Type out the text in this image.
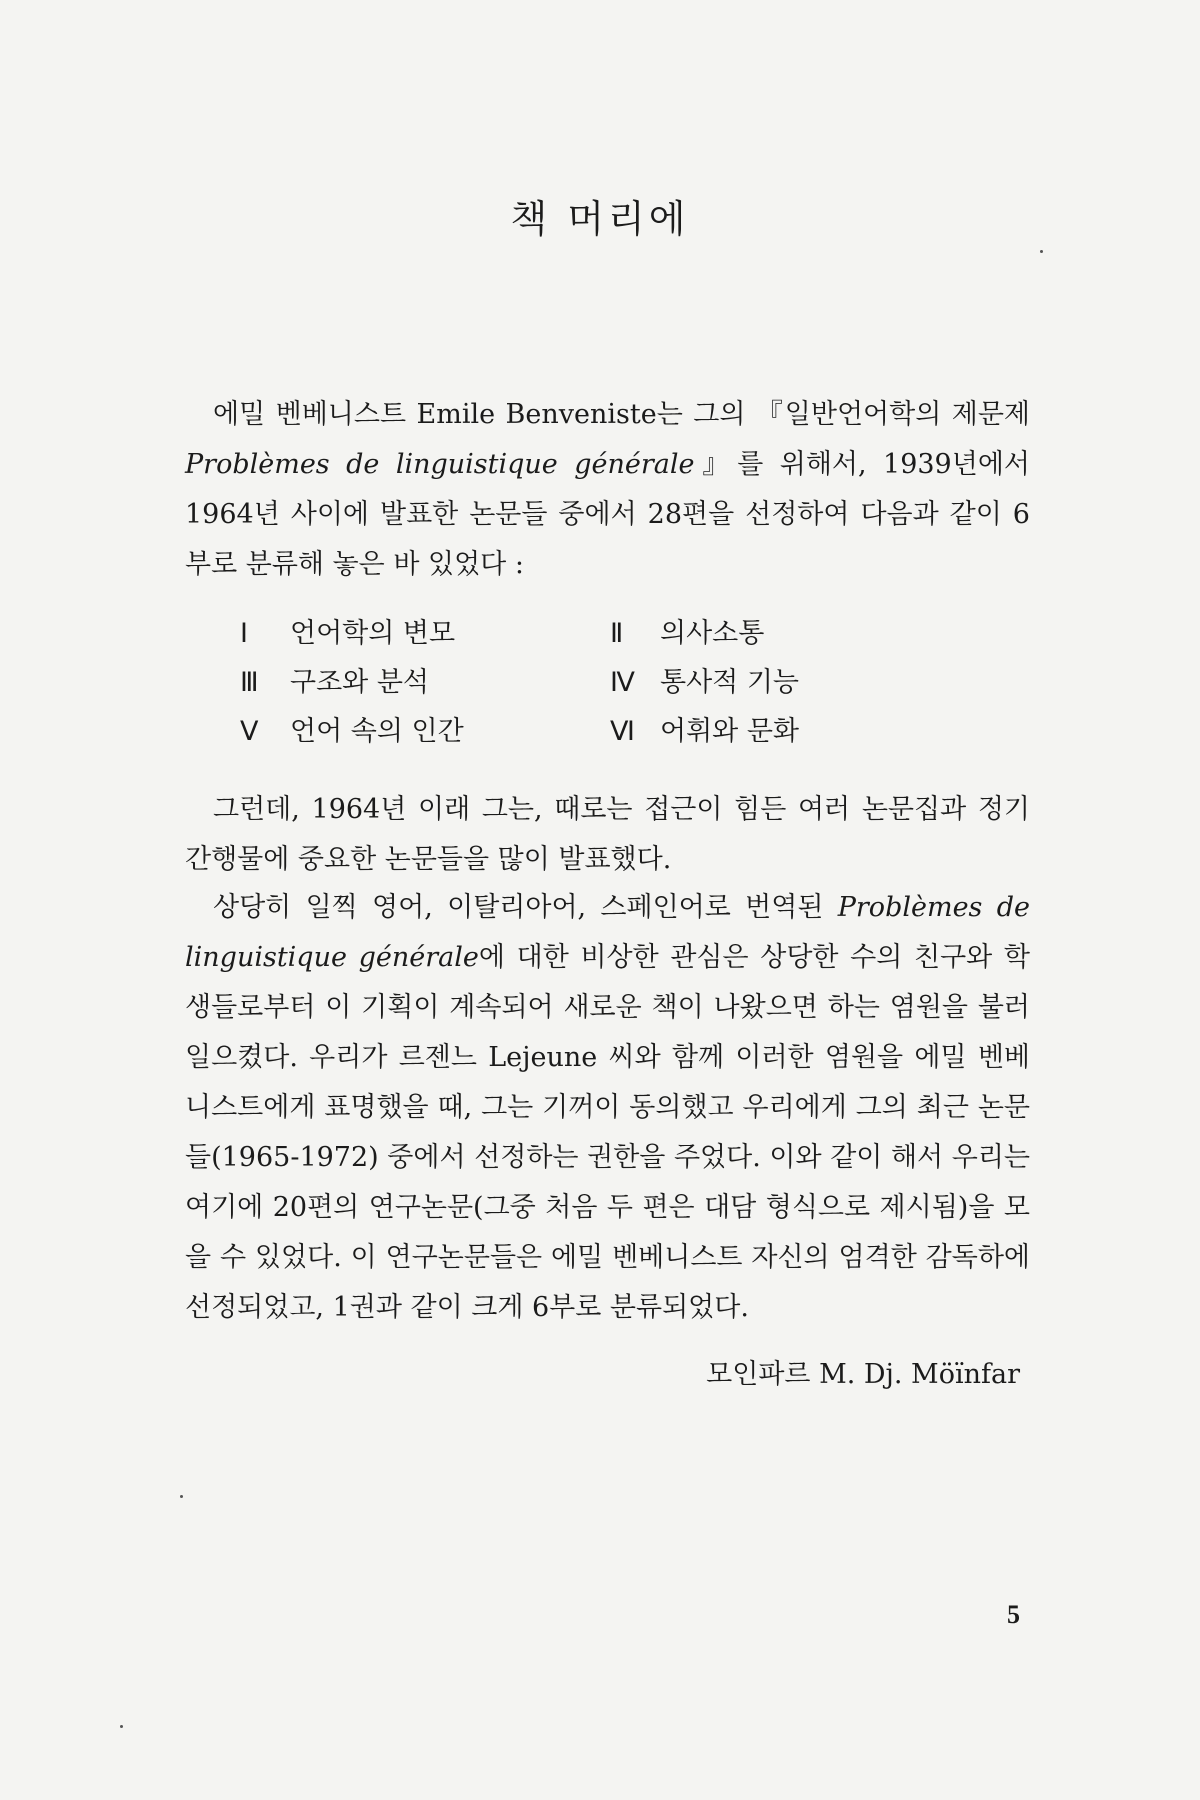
책 머리에

에밀 벤베니스트 Emile Benveniste는 그의 『일반언어학의 제문제 Problèmes de linguistique générale』를 위해서, 1939년에서 1964년 사이에 발표한 논문들 중에서 28편을 선정하여 다음과 같이 6부로 분류해 놓은 바 있었다 :

Ⅰ	언어학의 변모	Ⅱ	의사소통
Ⅲ	구조와 분석	Ⅳ 통사적 기능
Ⅴ	언어 속의 인간	Ⅵ 어휘와 문화

그런데, 1964년 이래 그는, 때로는 접근이 힘든 여러 논문집과 정기 간행물에 중요한 논문들을 많이 발표했다.

상당히 일찍 영어, 이탈리아어, 스페인어로 번역된 Problèmes de linguistique générale에 대한 비상한 관심은 상당한 수의 친구와 학생들로부터 이 기획이 계속되어 새로운 책이 나왔으면 하는 염원을 불러일으켰다. 우리가 르젠느 Lejeune 씨와 함께 이러한 염원을 에밀 벤베니스트에게 표명했을 때, 그는 기꺼이 동의했고 우리에게 그의 최근 논문들(1965-1972) 중에서 선정하는 권한을 주었다. 이와 같이 해서 우리는 여기에 20편의 연구논문(그중 처음 두 편은 대담 형식으로 제시됨)을 모을 수 있었다. 이 연구논문들은 에밀 벤베니스트 자신의 엄격한 감독하에 선정되었고, 1권과 같이 크게 6부로 분류되었다.

모인파르 M. Dj. Möïnfar

5
